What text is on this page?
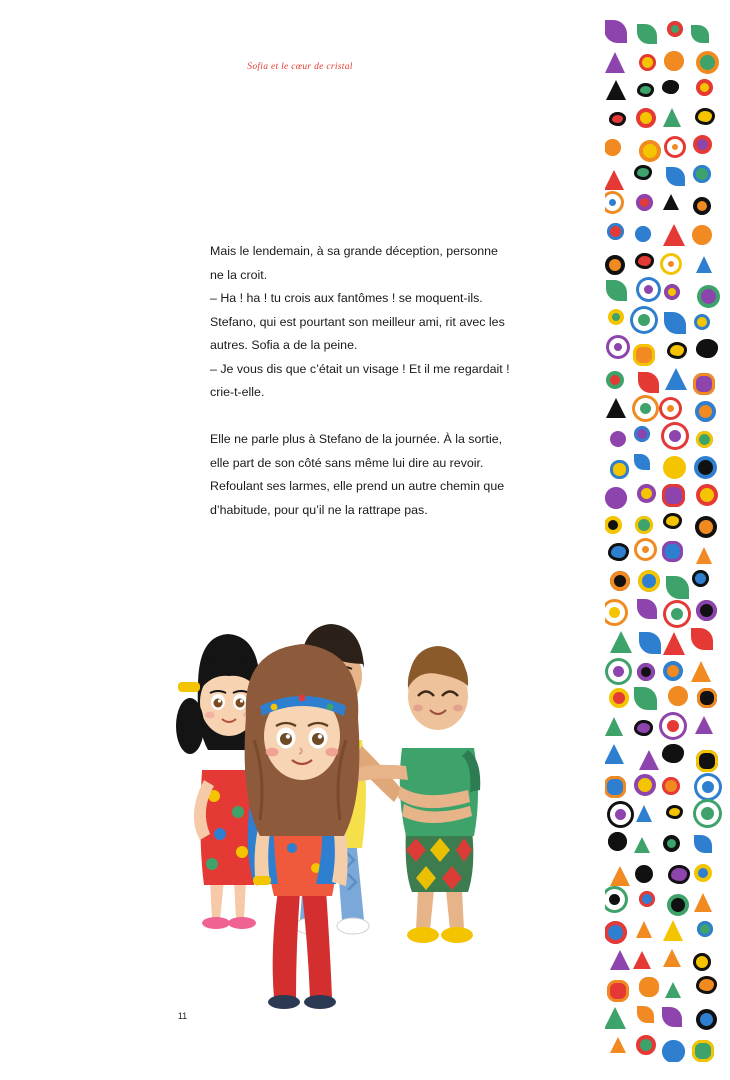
Sofia et le cœur de cristal

Mais le lendemain, à sa grande déception, personne
ne la croit.
– Ha ! ha ! tu crois aux fantômes ! se moquent-ils.
Stefano, qui est pourtant son meilleur ami, rit avec les
autres. Sofia a de la peine.
– Je vous dis que c’était un visage ! Et il me regardait !
crie-t-elle.

Elle ne parle plus à Stefano de la journée. À la sortie,
elle part de son côté sans même lui dire au revoir.
Refoulant ses larmes, elle prend un autre chemin que
d’habitude, pour qu’il ne la rattrape pas.

11
